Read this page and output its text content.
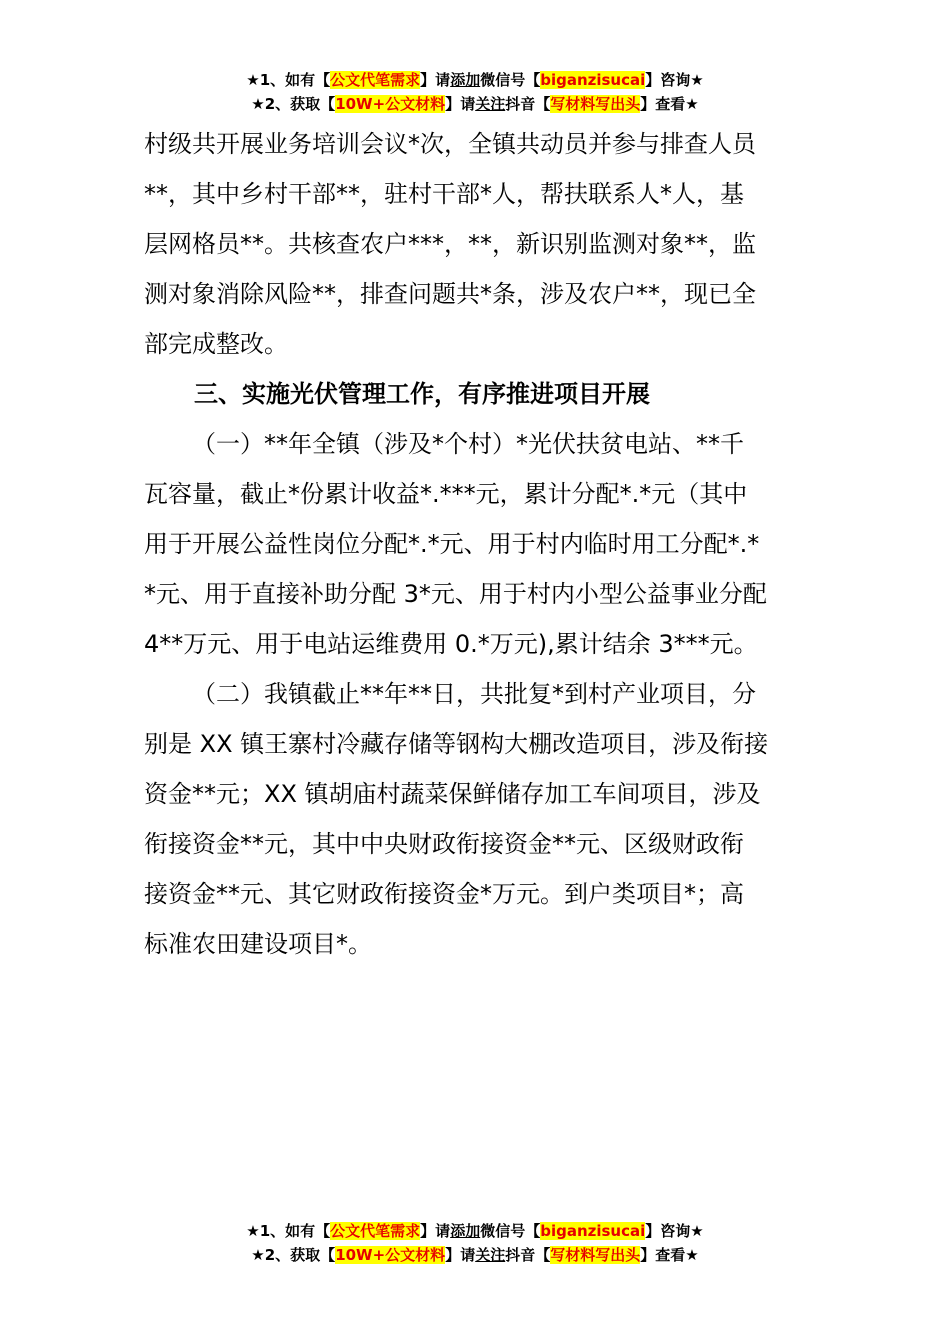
★1、如有【公文代笔需求】请添加微信号【biganzisucai】咨询★
★2、获取【10W+公文材料】请关注抖音【写材料写出头】查看★
村级共开展业务培训会议*次，全镇共动员并参与排查人员
**，其中乡村干部**，驻村干部*人，帮扶联系人*人，基
层网格员**。共核查农户***，**，新识别监测对象**，监
测对象消除风险**，排查问题共*条，涉及农户**，现已全
部完成整改。
三、实施光伏管理工作，有序推进项目开展
（一）**年全镇（涉及*个村）*光伏扶贫电站、**千
瓦容量，截止*份累计收益*.***元，累计分配*.*元（其中
用于开展公益性岗位分配*.*元、用于村内临时用工分配*.*
*元、用于直接补助分配 3*元、用于村内小型公益事业分配
4**万元、用于电站运维费用 0.*万元),累计结余 3***元。
（二）我镇截止**年**日，共批复*到村产业项目，分
别是 XX 镇王寨村冷藏存储等钢构大棚改造项目，涉及衔接
资金**元；XX 镇胡庙村蔬菜保鲜储存加工车间项目，涉及
衔接资金**元，其中中央财政衔接资金**元、区级财政衔
接资金**元、其它财政衔接资金*万元。到户类项目*；高
标准农田建设项目*。
★1、如有【公文代笔需求】请添加微信号【biganzisucai】咨询★
★2、获取【10W+公文材料】请关注抖音【写材料写出头】查看★
